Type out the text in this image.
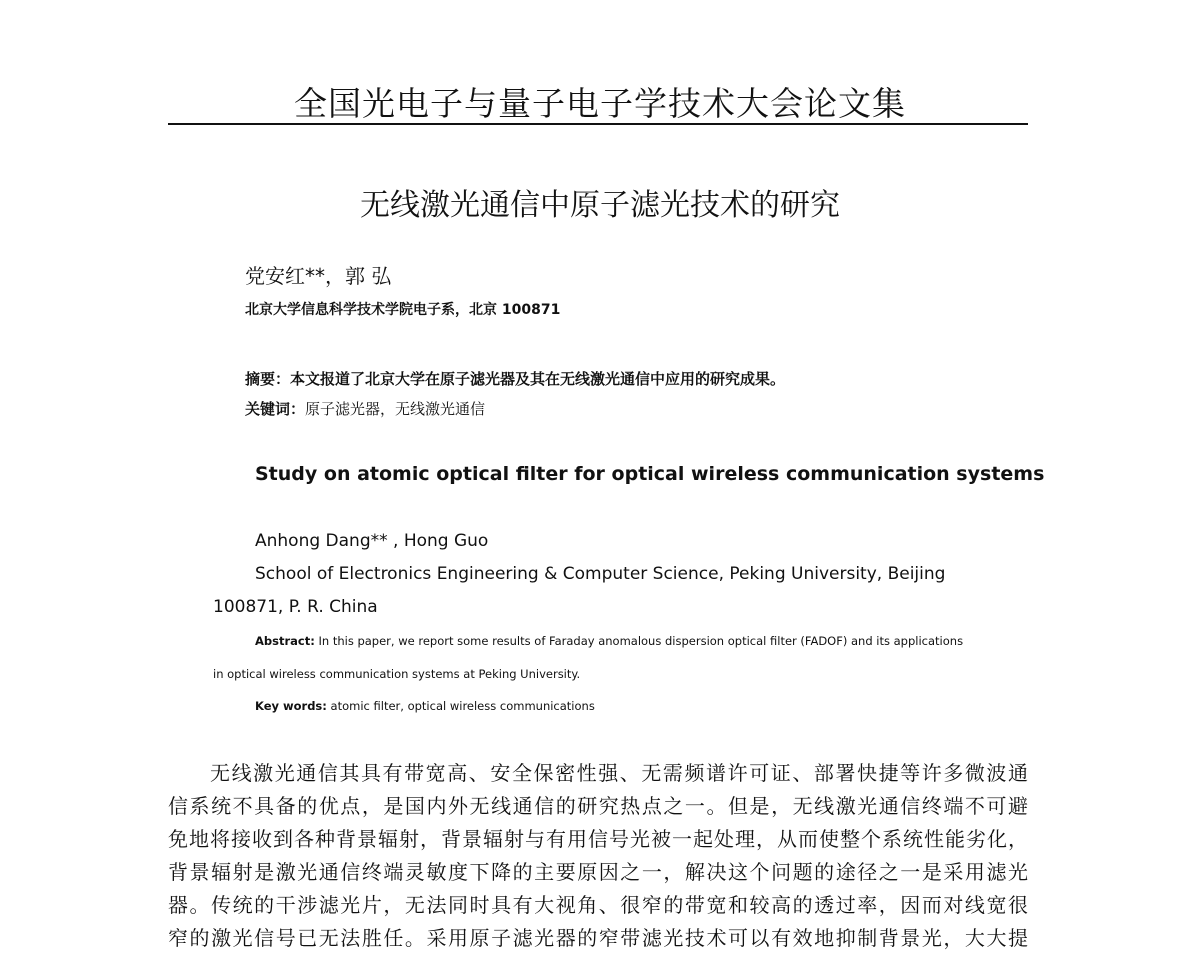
全国光电子与量子电子学技术大会论文集
无线激光通信中原子滤光技术的研究
党安红**，郭 弘
北京大学信息科学技术学院电子系，北京 100871
摘要：本文报道了北京大学在原子滤光器及其在无线激光通信中应用的研究成果。
关键词：原子滤光器，无线激光通信
Study on atomic optical filter for optical wireless communication systems
Anhong Dang** , Hong Guo
School of Electronics Engineering & Computer Science, Peking University, Beijing
100871, P. R. China
Abstract: In this paper, we report some results of Faraday anomalous dispersion optical filter (FADOF) and its applications
in optical wireless communication systems at Peking University.
Key words: atomic filter, optical wireless communications
无线激光通信其具有带宽高、安全保密性强、无需频谱许可证、部署快捷等许多微波通
信系统不具备的优点，是国内外无线通信的研究热点之一。但是，无线激光通信终端不可避
免地将接收到各种背景辐射，背景辐射与有用信号光被一起处理，从而使整个系统性能劣化，
背景辐射是激光通信终端灵敏度下降的主要原因之一，解决这个问题的途径之一是采用滤光
器。传统的干涉滤光片，无法同时具有大视角、很窄的带宽和较高的透过率，因而对线宽很
窄的激光信号已无法胜任。采用原子滤光器的窄带滤光技术可以有效地抑制背景光，大大提
